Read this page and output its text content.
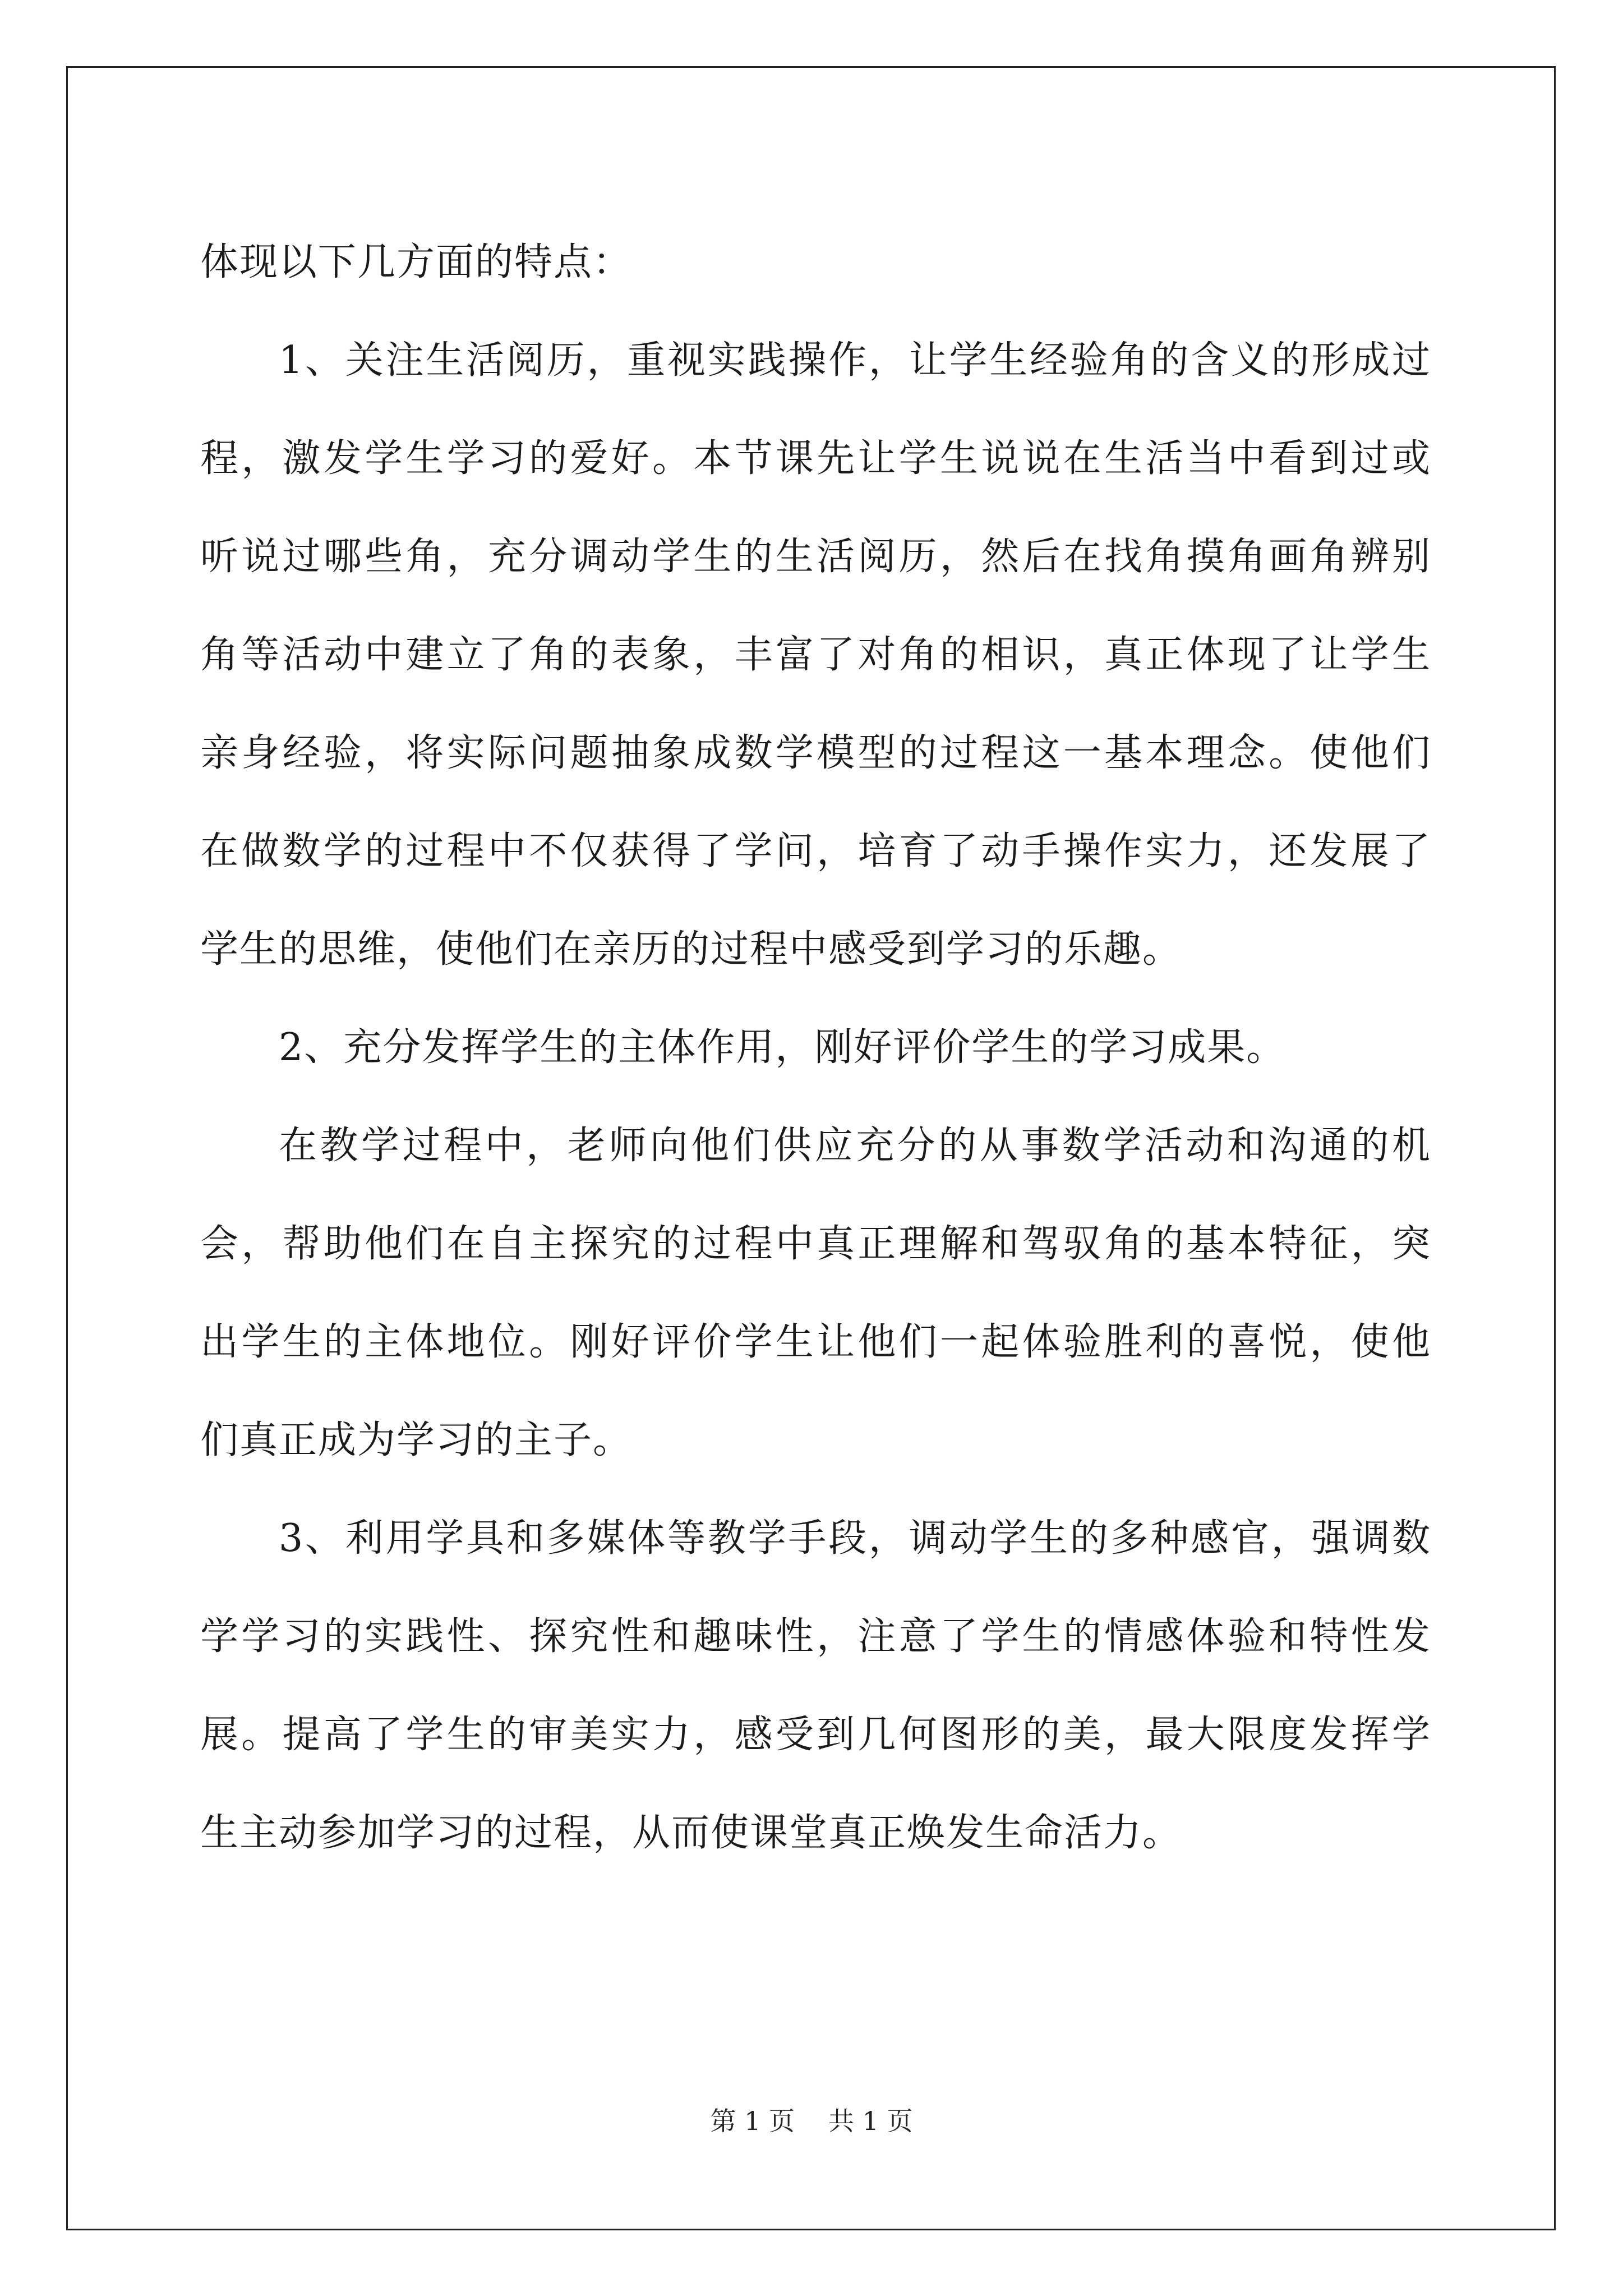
体现以下几方面的特点：
1、关注生活阅历，重视实践操作，让学生经验角的含义的形成过
程，激发学生学习的爱好。本节课先让学生说说在生活当中看到过或
听说过哪些角，充分调动学生的生活阅历，然后在找角摸角画角辨别
角等活动中建立了角的表象，丰富了对角的相识，真正体现了让学生
亲身经验，将实际问题抽象成数学模型的过程这一基本理念。使他们
在做数学的过程中不仅获得了学问，培育了动手操作实力，还发展了
学生的思维，使他们在亲历的过程中感受到学习的乐趣。
2、充分发挥学生的主体作用，刚好评价学生的学习成果。
在教学过程中，老师向他们供应充分的从事数学活动和沟通的机
会，帮助他们在自主探究的过程中真正理解和驾驭角的基本特征，突
出学生的主体地位。刚好评价学生让他们一起体验胜利的喜悦，使他
们真正成为学习的主子。
3、利用学具和多媒体等教学手段，调动学生的多种感官，强调数
学学习的实践性、探究性和趣味性，注意了学生的情感体验和特性发
展。提高了学生的审美实力，感受到几何图形的美，最大限度发挥学
生主动参加学习的过程，从而使课堂真正焕发生命活力。
第 1 页 共 1 页
